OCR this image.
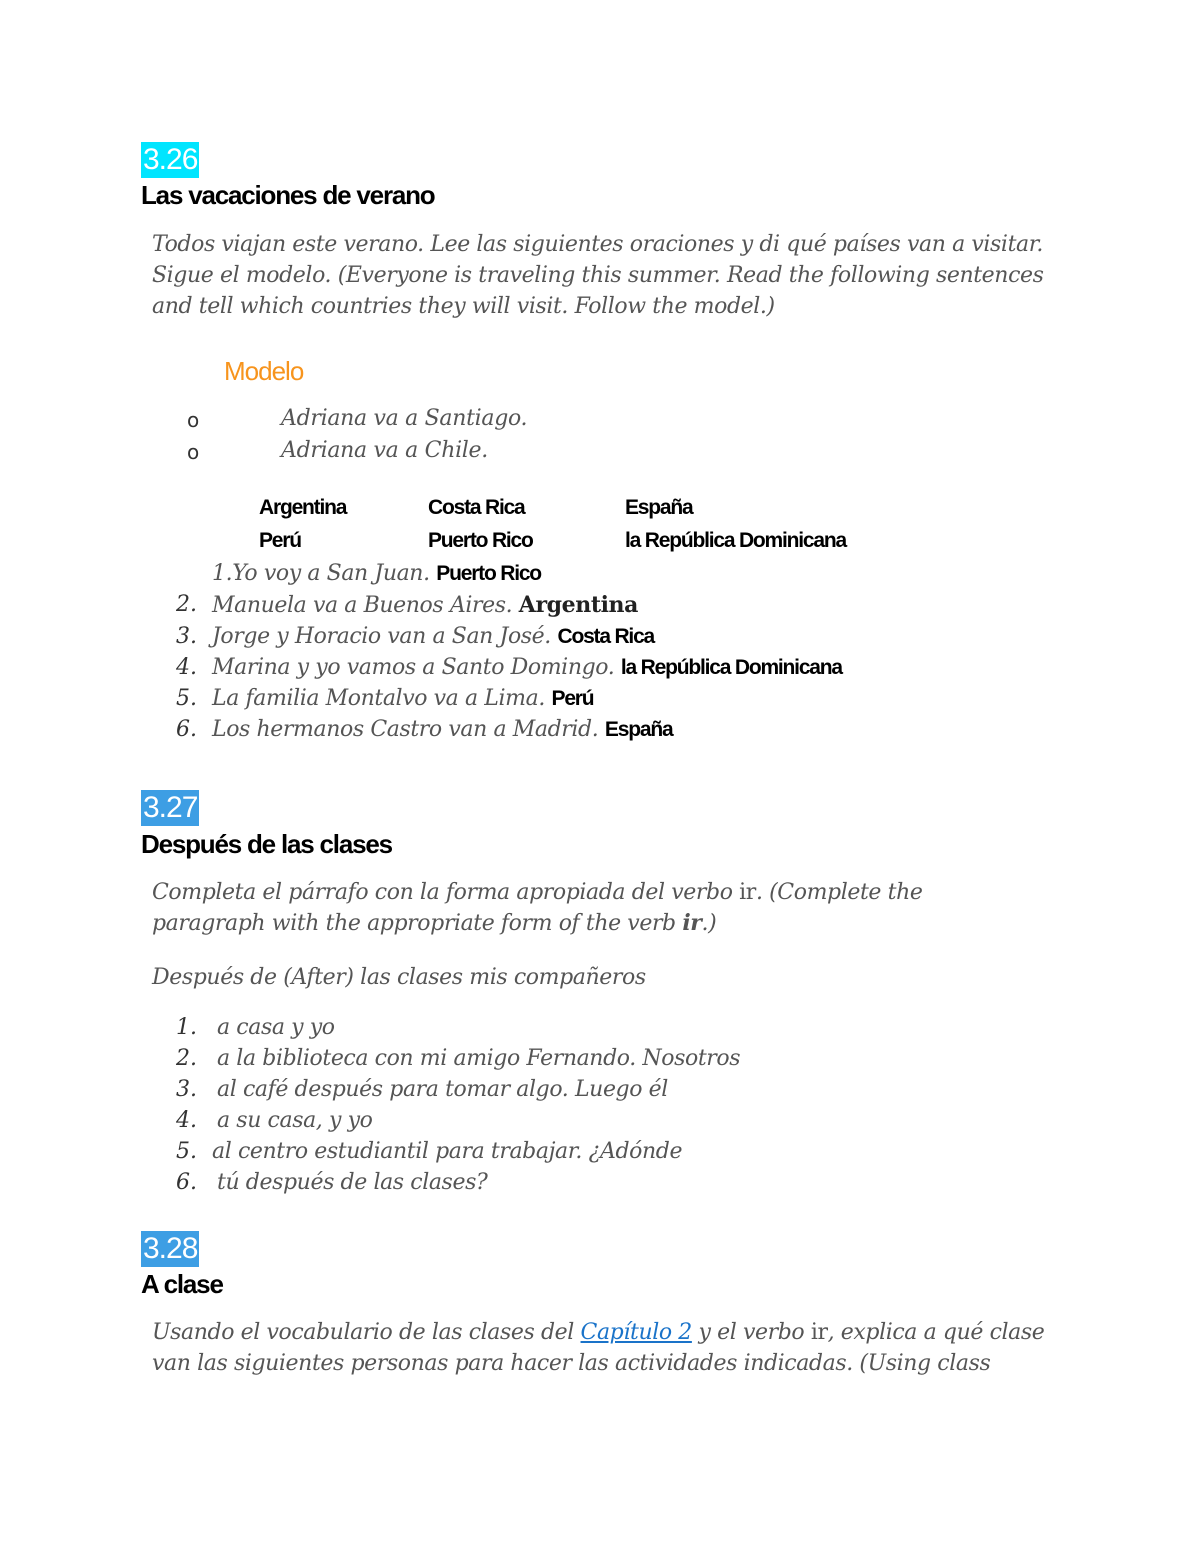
3.26
Las vacaciones de verano
Todos viajan este verano. Lee las siguientes oraciones y di qué países van a visitar.
Sigue el modelo. (Everyone is traveling this summer. Read the following sentences
and tell which countries they will visit. Follow the model.)
Modelo
o	Adriana va a Santiago.
o	Adriana va a Chile.
Argentina	Costa Rica	España
Perú	Puerto Rico	la República Dominicana
1.Yo voy a San Juan. Puerto Rico
2. Manuela va a Buenos Aires. Argentina
3. Jorge y Horacio van a San José. Costa Rica
4. Marina y yo vamos a Santo Domingo. la República Dominicana
5. La familia Montalvo va a Lima. Perú
6. Los hermanos Castro van a Madrid. España
3.27
Después de las clases
Completa el párrafo con la forma apropiada del verbo ir. (Complete the
paragraph with the appropriate form of the verb ir.)
Después de (After) las clases mis compañeros
1. a casa y yo
2. a la biblioteca con mi amigo Fernando. Nosotros
3. al café después para tomar algo. Luego él
4. a su casa, y yo
5. al centro estudiantil para trabajar. ¿Adónde
6. tú después de las clases?
3.28
A clase
Usando el vocabulario de las clases del Capítulo 2 y el verbo ir, explica a qué clase
van las siguientes personas para hacer las actividades indicadas. (Using class
